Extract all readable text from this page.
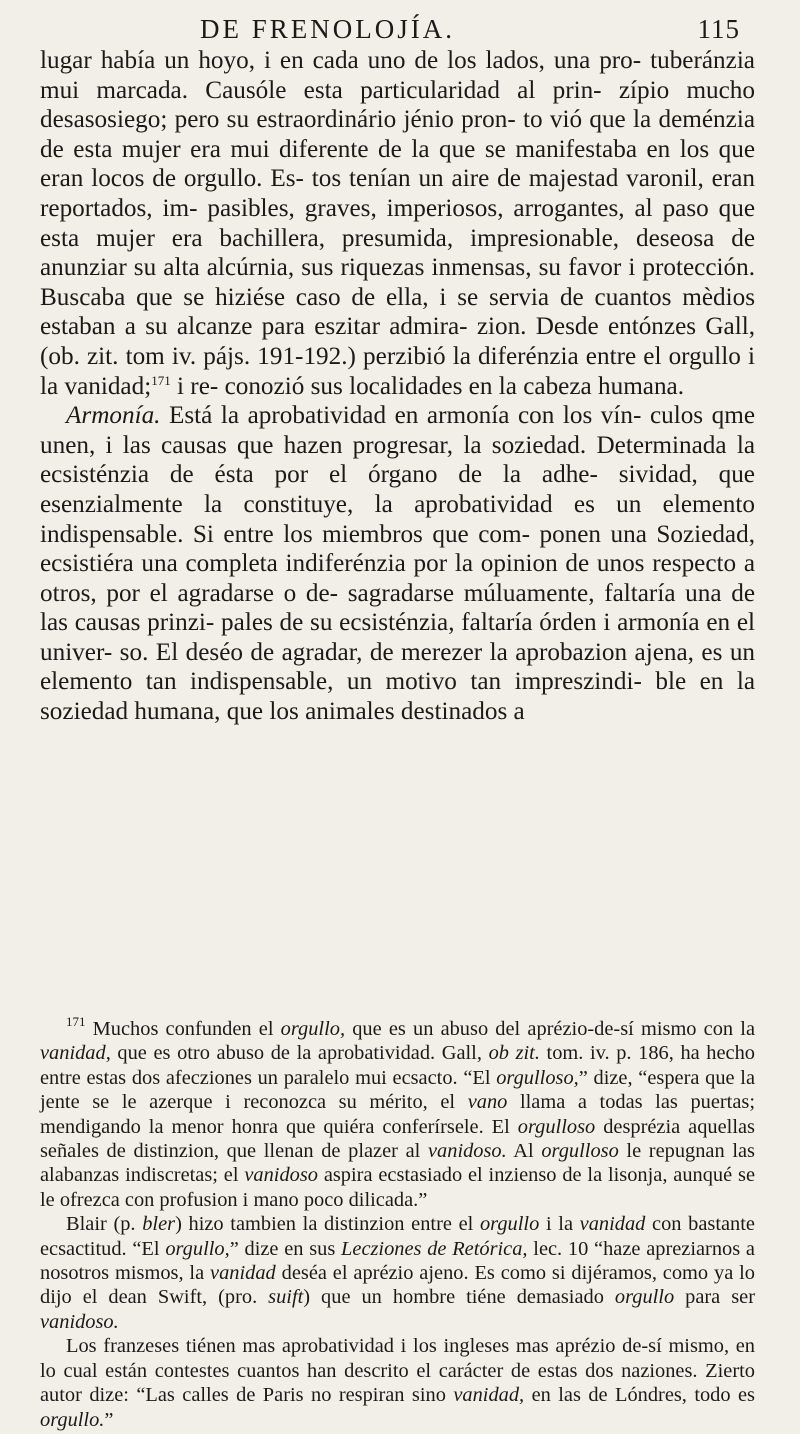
DE FRENOLOJÍA.	115

lugar había un hoyo, i en cada uno de los lados, una pro- tuberánzia mui marcada. Causóle esta particularidad al prin- zípio mucho desasosiego; pero su estraordinário jénio pron- to vió que la deménzia de esta mujer era mui diferente de la que se manifestaba en los que eran locos de orgullo. Es- tos tenían un aire de majestad varonil, eran reportados, im- pasibles, graves, imperiosos, arrogantes, al paso que esta mujer era bachillera, presumida, impresionable, deseosa de anunziar su alta alcúrnia, sus riquezas inmensas, su favor i protección. Buscaba que se hiziése caso de ella, i se servia de cuantos mèdios estaban a su alcanze para eszitar admira- zion. Desde entónzes Gall, (ob. zit. tom iv. pájs. 191-192.) perzibió la diferénzia entre el orgullo i la vanidad;$^{171}$ i re- conozió sus localidades en la cabeza humana.

Armonía. Está la aprobatividad en armonía con los vín- culos qme unen, i las causas que hazen progresar, la soziedad. Determinada la ecsisténzia de ésta por el órgano de la adhe- sividad, que esenzialmente la constituye, la aprobatividad es un elemento indispensable. Si entre los miembros que com- ponen una Soziedad, ecsistiéra una completa indiferénzia por la opinion de unos respecto a otros, por el agradarse o de- sagradarse múluamente, faltaría una de las causas prinzi- pales de su ecsisténzia, faltaría órden i armonía en el univer- so. El deséo de agradar, de merezer la aprobazion ajena, es un elemento tan indispensable, un motivo tan impreszindi- ble en la soziedad humana, que los animales destinados a

$^{171}$ Muchos confunden el orgullo, que es un abuso del aprézio-de-sí mismo con la vanidad, que es otro abuso de la aprobatividad. Gall, ob zit. tom. iv. p. 186, ha hecho entre estas dos afecziones un paralelo mui ecsacto. “El orgulloso,” dize, “espera que la jente se le azerque i reconozca su mérito, el vano llama a todas las puertas; mendigando la menor honra que quiéra conferírsele. El orgulloso desprézia aquellas señales de distinzion, que llenan de plazer al vanidoso. Al orgulloso le repugnan las alabanzas indiscretas; el vanidoso aspira ecstasiado el inzienso de la lisonja, aunqué se le ofrezca con profusion i mano poco dilicada.”

Blair (p. bler) hizo tambien la distinzion entre el orgullo i la vanidad con bastante ecsactitud. “El orgullo,” dize en sus Lecziones de Retórica, lec. 10 “haze apreziarnos a nosotros mismos, la vanidad deséa el aprézio ajeno. Es como si dijéramos, como ya lo dijo el dean Swift, (pro. suift) que un hombre tiéne demasiado orgullo para ser vanidoso.

Los franzeses tiénen mas aprobatividad i los ingleses mas aprézio de-sí mismo, en lo cual están contestes cuantos han descrito el carácter de estas dos naziones. Zierto autor dize: “Las calles de Paris no respiran sino vanidad, en las de Lóndres, todo es orgullo.”
